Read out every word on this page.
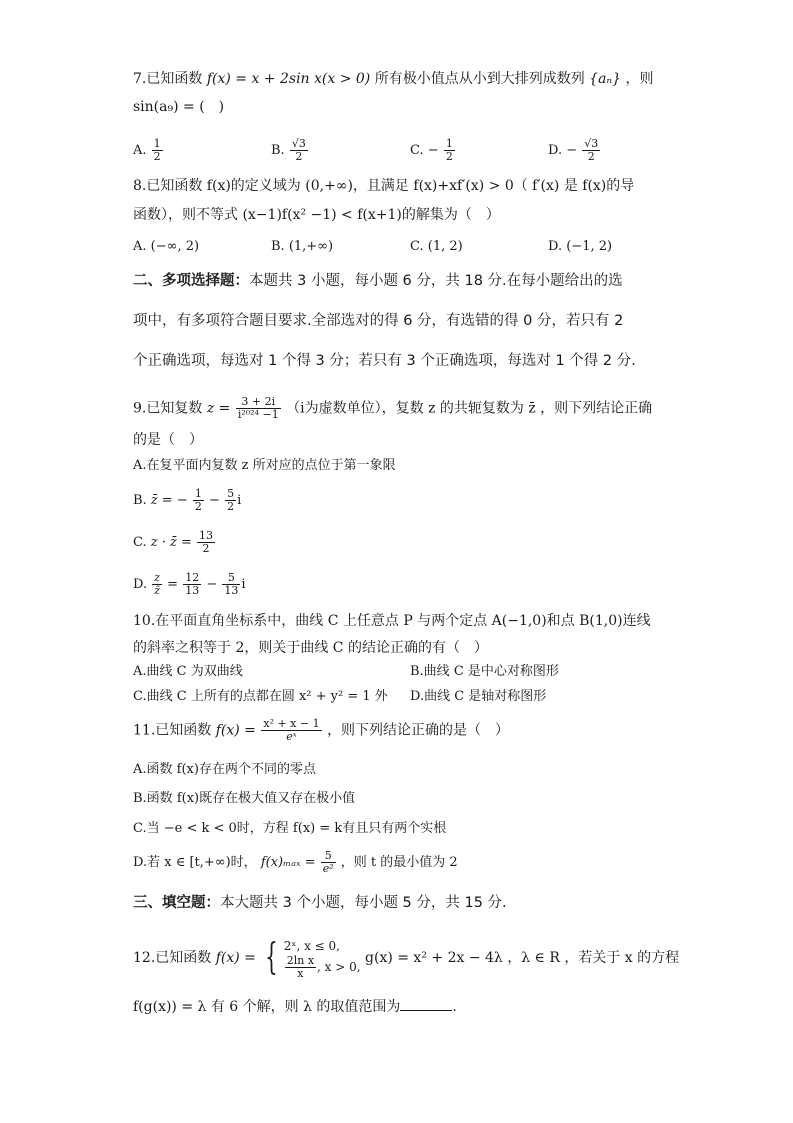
7.已知函数 f(x) = x + 2sin x(x > 0) 所有极小值点从小到大排列成数列 {aₙ} ，则
sin(a₉) = (　)
A. $\frac{1}{2}$	B. $\frac{√3}{2}$	C. − $\frac{1}{2}$	D. − $\frac{√3}{2}$
8.已知函数 f(x)的定义域为 (0,+∞)，且满足 f(x)+xf′(x) > 0（ f′(x) 是 f(x)的导
函数），则不等式 (x−1)f(x² −1) < f(x+1)的解集为（　）
A. (−∞, 2)	B. (1,+∞)	C. (1, 2)	D. (−1, 2)
二、多项选择题：本题共 3 小题，每小题 6 分，共 18 分.在每小题给出的选
项中，有多项符合题目要求.全部选对的得 6 分，有选错的得 0 分，若只有 2
个正确选项，每选对 1 个得 3 分；若只有 3 个正确选项，每选对 1 个得 2 分.
9.已知复数 $z = \frac{3 + 2i}{\text{i²⁰²⁴ −1}} (i$为虚数单位），复数 z 的共轭复数为 z̄ ，则下列结论正确
的是（　）
A.在复平面内复数 z 所对应的点位于第一象限
B. z̄ = − $\frac{1}{2} - \frac{5}{2}$ i
C. z · z̄ = $\frac{13}{2}$
D. $\frac{z}{z̄} = \frac{12}{13} - \frac{5}{13}$ i
10.在平面直角坐标系中，曲线 C 上任意点 P 与两个定点 A(−1,0)和点 B(1,0)连线
的斜率之积等于 2，则关于曲线 C 的结论正确的有（　）
A.曲线 C 为双曲线	B.曲线 C 是中心对称图形
C.曲线 C 上所有的点都在圆 x² + y² = 1 外 D.曲线 C 是轴对称图形
11.已知函数 $f(x) = \frac{\text{x² + x − 1}}{\text{eˣ}}$ ，则下列结论正确的是（　）
A.函数 f(x)存在两个不同的零点
B.函数 f(x)既存在极大值又存在极小值
C.当 −e < k < 0时，方程 f(x) = k有且只有两个实根
D.若 x ∈ [t,+∞)时， $f(x)_{max} = \frac{5}{\text{e²}}$ ，则 t 的最小值为 2
三、填空题：本大题共 3 个小题，每小题 5 分，共 15 分.
12.已知函数 f(x) = { 2ˣ, x ≤ 0,
$\frac{\text{2ln x}}{x}$ , x > 0,
g(x) = x² + 2x − 4λ ，λ ∈ R ，若关于 x 的方程
f(g(x)) = λ 有 6 个解，则 λ 的取值范围为	.
